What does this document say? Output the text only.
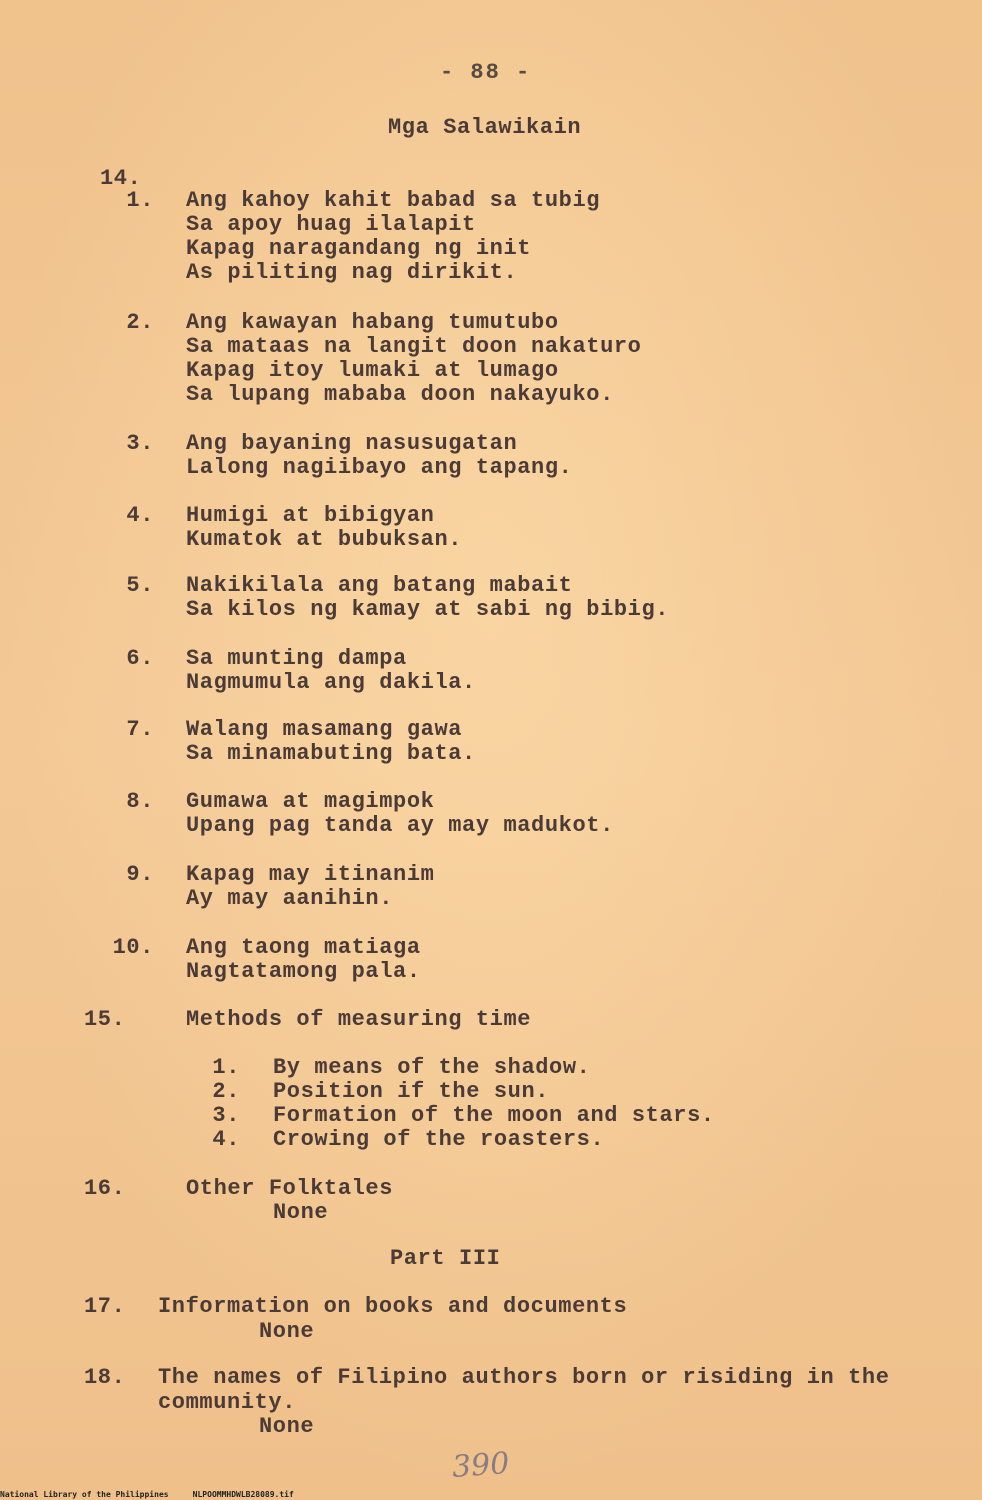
- 88 -
Mga Salawikain
14.
1. Ang kahoy kahit babad sa tubig
Sa apoy huag ilalapit
Kapag naragandang ng init
As piliting nag dirikit.
2. Ang kawayan habang tumutubo
Sa mataas na langit doon nakaturo
Kapag itoy lumaki at lumago
Sa lupang mababa doon nakayuko.
3. Ang bayaning nasusugatan
Lalong nagiibayo ang tapang.
4. Humigi at bibigyan
Kumatok at bubuksan.
5. Nakikilala ang batang mabait
Sa kilos ng kamay at sabi ng bibig.
6. Sa munting dampa
Nagmumula ang dakila.
7. Walang masamang gawa
Sa minamabuting bata.
8. Gumawa at magimpok
Upang pag tanda ay may madukot.
9. Kapag may itinanim
Ay may aanihin.
10. Ang taong matiaga
Nagtatamong pala.
15.	Methods of measuring time
1. By means of the shadow.
2. Position if the sun.
3. Formation of the moon and stars.
4. Crowing of the roasters.
16.	Other Folktales
None
Part III
17. Information on books and documents
None
18. The names of Filipino authors born or risiding in the
community.
None
390
National Library of the Philippines	NLPOOMMHDWLB28089.tif
